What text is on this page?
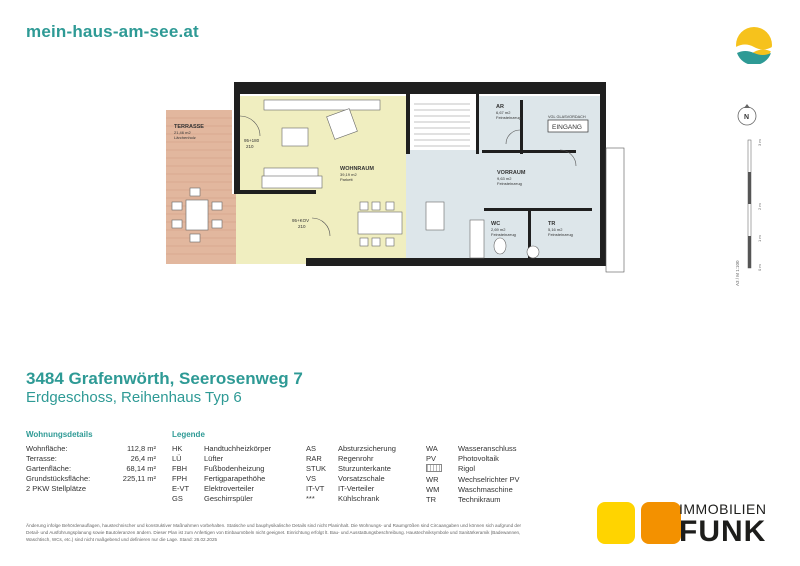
mein-haus-am-see.at
TERRASSE
21,46 m2
Lärchenholz
WOHNRAUM
39,19 m2
Parkett
AR
6,67 m2
Feinsteinzeug
VORRAUM
9,63 m2
Feinsteinzeug
WC
2,69 m2
Feinsteinzeug
TR
5,16 m2
Feinsteinzeug
VGL GLASVORDACH
95+180
210
95+KOV
210
EINGANG
N
0 m
1 m
2 m
3 m
A3 / M 1:100
3484 Grafenwörth, Seerosenweg 7
Erdgeschoss, Reihenhaus Typ 6
Wohnungsdetails
Wohnfläche:	112,8 m²
Terrasse:	26,4 m²
Gartenfläche:	68,14 m²
Grundstücksfläche:	225,11 m²
2 PKW Stellplätze
Legende
HK	Handtuchheizkörper
LÜ	Lüfter
FBH	Fußbodenheizung
FPH	Fertigparapethöhe
E-VT	Elektroverteiler
GS	Geschirrspüler
AS	Absturzsicherung
RAR	Regenrohr
STUK	Sturzunterkante
VS	Vorsatzschale
IT-VT	IT-Verteiler
***	Kühlschrank
WA	Wasseranschluss
PV	Photovoltaik
Rigol
WR	Wechselrichter PV
WM	Waschmaschine
TR	Technikraum
Änderung infolge Behördenauflagen, haustechnischer und konstruktiver Maßnahmen vorbehalten. Statische und bauphysikalische Details sind nicht Planinhalt. Die Wohnungs- und Raumgrößen sind Circaangaben und können sich aufgrund der Detail- und Ausführungsplanung sowie Bautoleranzen ändern. Dieser Plan ist zum Anfertigen von Einbaumöbeln nicht geeignet. Einrichtung erfolgt lt. Bau- und Ausstattungsbeschreibung. Haustechniksymbole und Sanitärkeramik (Badewannen, Waschtisch, WCs, etc.) sind nicht maßgebend und definieren nur die Lage. Stand: 26.02.2025
IMMOBILIEN
FUNK
